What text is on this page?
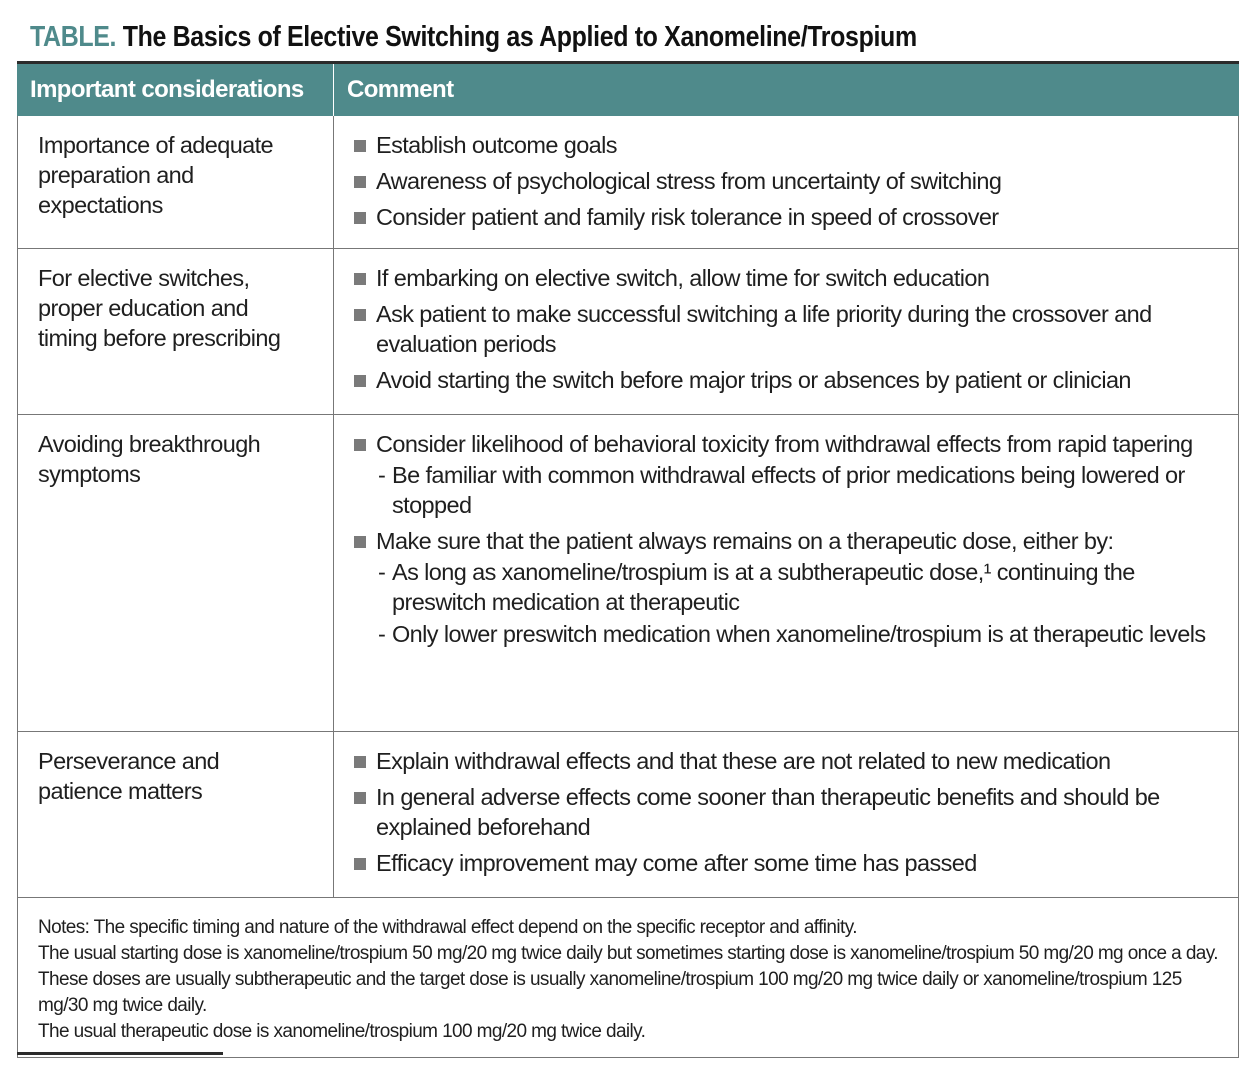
TABLE. The Basics of Elective Switching as Applied to Xanomeline/Trospium
Important considerations	Comment
Importance of adequate
preparation and
expectations
Establish outcome goals
Awareness of psychological stress from uncertainty of switching
Consider patient and family risk tolerance in speed of crossover
For elective switches,
proper education and
timing before prescribing
If embarking on elective switch, allow time for switch education
Ask patient to make successful switching a life priority during the crossover and evaluation periods
Avoid starting the switch before major trips or absences by patient or clinician
Avoiding breakthrough
symptoms
Consider likelihood of behavioral toxicity from withdrawal effects from rapid tapering
- Be familiar with common withdrawal effects of prior medications being lowered or stopped
Make sure that the patient always remains on a therapeutic dose, either by:
- As long as xanomeline/trospium is at a subtherapeutic dose,¹ continuing the preswitch medication at therapeutic
- Only lower preswitch medication when xanomeline/trospium is at therapeutic levels
Perseverance and
patience matters
Explain withdrawal effects and that these are not related to new medication
In general adverse effects come sooner than therapeutic benefits and should be explained beforehand
Efficacy improvement may come after some time has passed
Notes: The specific timing and nature of the withdrawal effect depend on the specific receptor and affinity.
The usual starting dose is xanomeline/trospium 50 mg/20 mg twice daily but sometimes starting dose is xanomeline/trospium 50 mg/20 mg once a day. These doses are usually subtherapeutic and the target dose is usually xanomeline/trospium 100 mg/20 mg twice daily or xanomeline/trospium 125 mg/30 mg twice daily.
The usual therapeutic dose is xanomeline/trospium 100 mg/20 mg twice daily.
